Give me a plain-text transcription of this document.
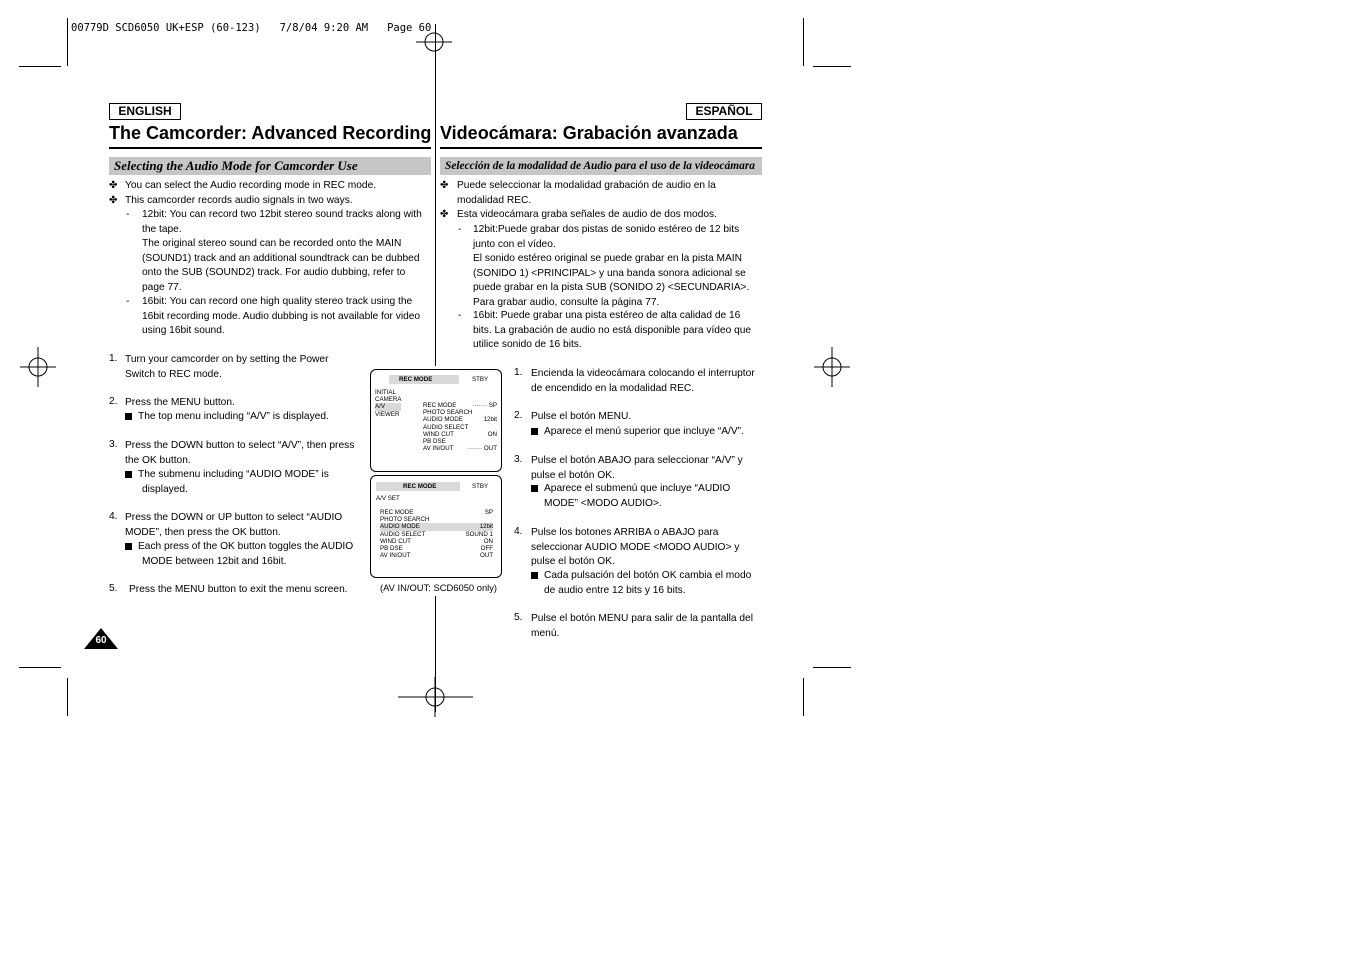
00779D SCD6050 UK+ESP (60-123)   7/8/04 9:20 AM   Page 60
ENGLISH	ESPAÑOL
The Camcorder: Advanced Recording Videocámara: Grabación avanzada
Selecting the Audio Mode for Camcorder Use	Selección de la modalidad de Audio para el uso de la videocámara
✤ You can select the Audio recording mode in REC mode.
✤ This camcorder records audio signals in two ways.
- 12bit: You can record two 12bit stereo sound tracks along with
the tape.
The original stereo sound can be recorded onto the MAIN
(SOUND1) track and an additional soundtrack can be dubbed
onto the SUB (SOUND2) track. For audio dubbing, refer to
page 77.
- 16bit: You can record one high quality stereo track using the
16bit recording mode. Audio dubbing is not available for video
using 16bit sound.
1. Turn your camcorder on by setting the Power
Switch to REC mode.
2. Press the MENU button.
The top menu including “A/V” is displayed.
3. Press the DOWN button to select “A/V”, then press
the OK button.
The submenu including “AUDIO MODE” is
displayed.
4. Press the DOWN or UP button to select “AUDIO
MODE”, then press the OK button.
Each press of the OK button toggles the AUDIO
MODE between 12bit and 16bit.
5. Press the MENU button to exit the menu screen.
REC MODE	STBY
INITIAL
CAMERA
A/V
VIEWER
REC MODE	······· SP
PHOTO SEARCH
AUDIO MODE	12bit
AUDIO SELECT
WIND CUT	ON
PB DSE
AV IN/OUT ······· OUT
REC MODE	STBY
A/V SET
REC MODE	SP
PHOTO SEARCH
AUDIO MODE	12bit
AUDIO SELECT	SOUND 1
WIND CUT	ON
PB DSE	OFF
AV IN/OUT	OUT
(AV IN/OUT: SCD6050 only)
✤ Puede seleccionar la modalidad grabación de audio en la
modalidad REC.
✤ Esta videocámara graba señales de audio de dos modos.
- 12bit:Puede grabar dos pistas de sonido estéreo de 12 bits
junto con el vídeo.
El sonido estéreo original se puede grabar en la pista MAIN
(SONIDO 1) <PRINCIPAL> y una banda sonora adicional se
puede grabar en la pista SUB (SONIDO 2) <SECUNDARIA>.
Para grabar audio, consulte la página 77.
- 16bit: Puede grabar una pista estéreo de alta calidad de 16
bits. La grabación de audio no está disponible para vídeo que
utilice sonido de 16 bits.
1. Encienda la videocámara colocando el interruptor
de encendido en la modalidad REC.
2. Pulse el botón MENU.
Aparece el menú superior que incluye “A/V”.
3. Pulse el botón ABAJO para seleccionar “A/V” y
pulse el botón OK.
Aparece el submenú que incluye “AUDIO
MODE” <MODO AUDIO>.
4. Pulse los botones ARRIBA o ABAJO para
seleccionar AUDIO MODE <MODO AUDIO> y
pulse el botón OK.
Cada pulsación del botón OK cambia el modo
de audio entre 12 bits y 16 bits.
5. Pulse el botón MENU para salir de la pantalla del
menú.
60
